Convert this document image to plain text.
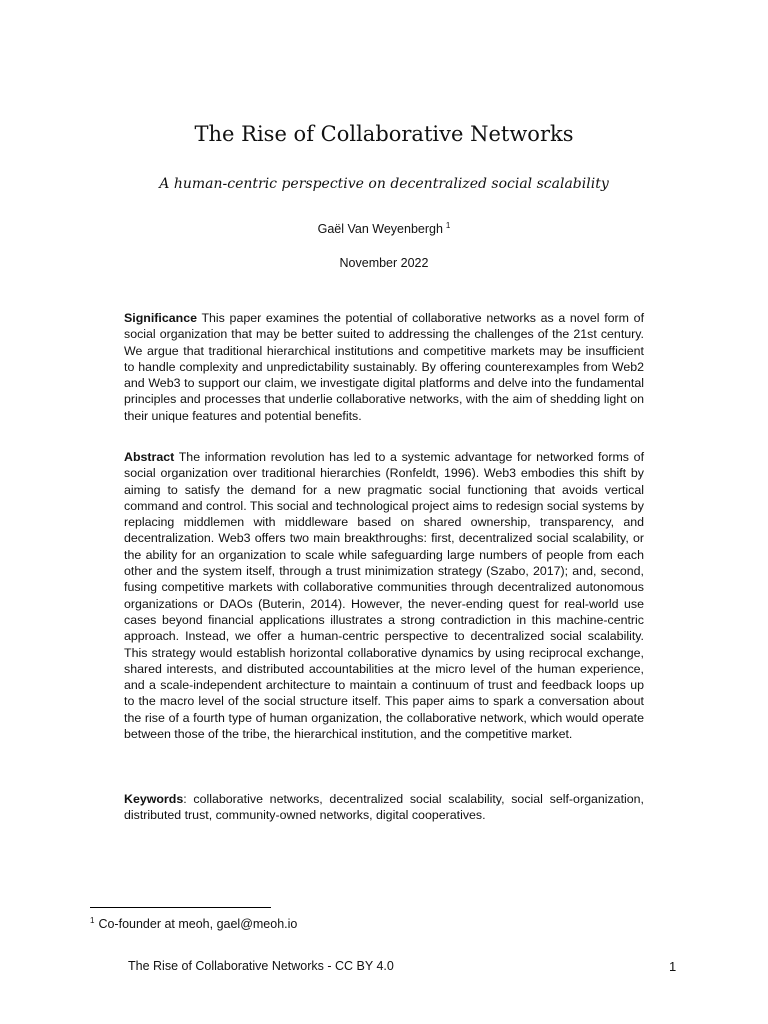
The Rise of Collaborative Networks
A human-centric perspective on decentralized social scalability
Gaël Van Weyenbergh $^1$
November 2022
Significance This paper examines the potential of collaborative networks as a novel form of social organization that may be better suited to addressing the challenges of the 21st century. We argue that traditional hierarchical institutions and competitive markets may be insufficient to handle complexity and unpredictability sustainably. By offering counterexamples from Web2 and Web3 to support our claim, we investigate digital platforms and delve into the fundamental principles and processes that underlie collaborative networks, with the aim of shedding light on their unique features and potential benefits.
Abstract The information revolution has led to a systemic advantage for networked forms of social organization over traditional hierarchies (Ronfeldt, 1996). Web3 embodies this shift by aiming to satisfy the demand for a new pragmatic social functioning that avoids vertical command and control. This social and technological project aims to redesign social systems by replacing middlemen with middleware based on shared ownership, transparency, and decentralization. Web3 offers two main breakthroughs: first, decentralized social scalability, or the ability for an organization to scale while safeguarding large numbers of people from each other and the system itself, through a trust minimization strategy (Szabo, 2017); and, second, fusing competitive markets with collaborative communities through decentralized autonomous organizations or DAOs (Buterin, 2014). However, the never-ending quest for real-world use cases beyond financial applications illustrates a strong contradiction in this machine-centric approach. Instead, we offer a human-centric perspective to decentralized social scalability. This strategy would establish horizontal collaborative dynamics by using reciprocal exchange, shared interests, and distributed accountabilities at the micro level of the human experience, and a scale-independent architecture to maintain a continuum of trust and feedback loops up to the macro level of the social structure itself. This paper aims to spark a conversation about the rise of a fourth type of human organization, the collaborative network, which would operate between those of the tribe, the hierarchical institution, and the competitive market.
Keywords: collaborative networks, decentralized social scalability, social self-organization, distributed trust, community-owned networks, digital cooperatives.
$^1$ Co-founder at meoh, gael@meoh.io
The Rise of Collaborative Networks - CC BY 4.0	1
